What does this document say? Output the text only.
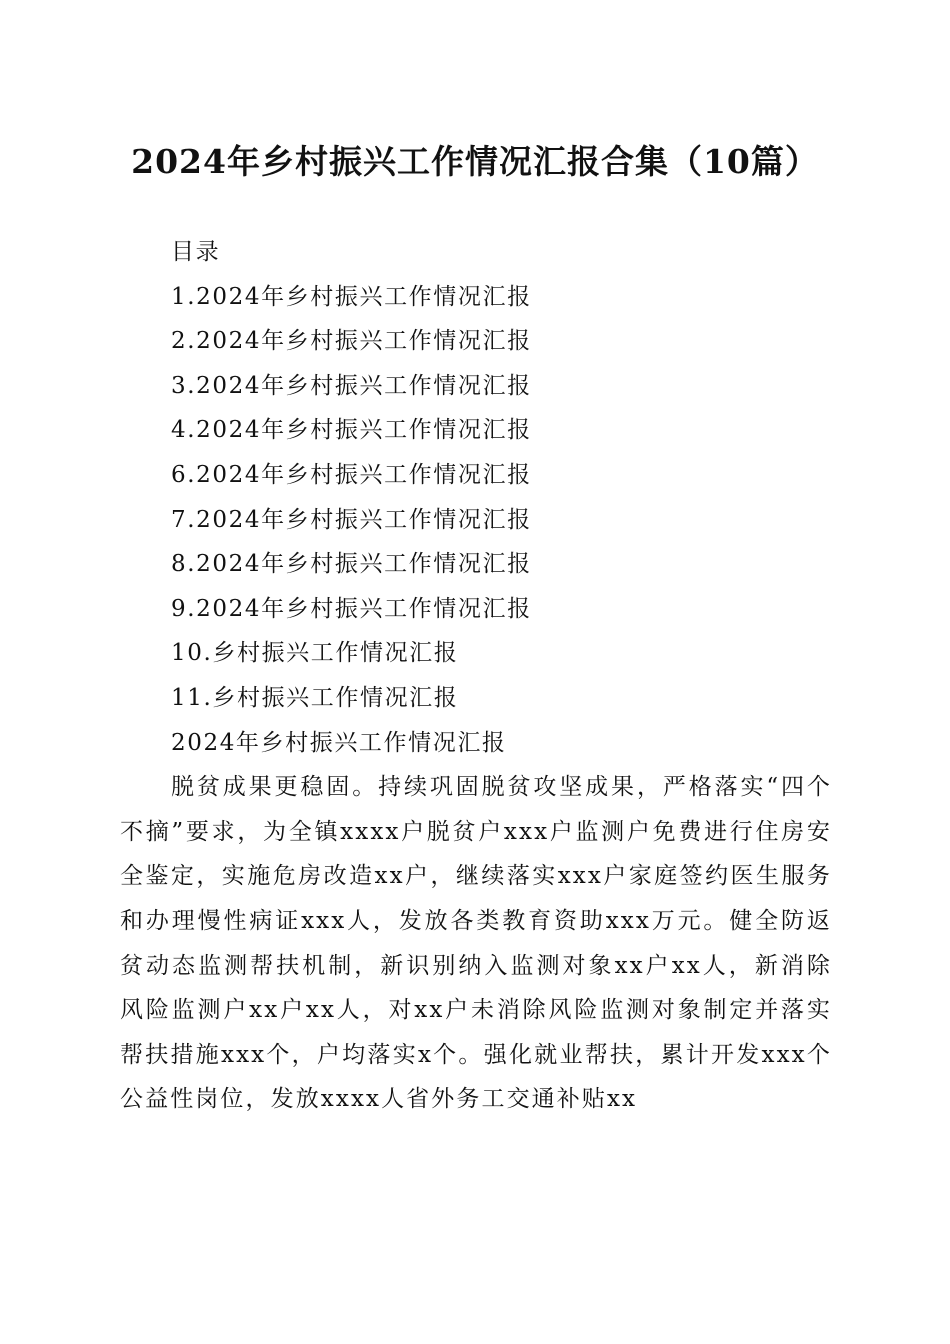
2024年乡村振兴工作情况汇报合集（10篇）

目录

1.2024年乡村振兴工作情况汇报

2.2024年乡村振兴工作情况汇报

3.2024年乡村振兴工作情况汇报

4.2024年乡村振兴工作情况汇报

6.2024年乡村振兴工作情况汇报

7.2024年乡村振兴工作情况汇报

8.2024年乡村振兴工作情况汇报

9.2024年乡村振兴工作情况汇报

10.乡村振兴工作情况汇报

11.乡村振兴工作情况汇报

2024年乡村振兴工作情况汇报

脱贫成果更稳固。持续巩固脱贫攻坚成果，严格落实“四个不摘”要求，为全镇xxxx户脱贫户xxx户监测户免费进行住房安全鉴定，实施危房改造xx户，继续落实xxx户家庭签约医生服务和办理慢性病证xxx人，发放各类教育资助xxx万元。健全防返贫动态监测帮扶机制，新识别纳入监测对象xx户xx人，新消除风险监测户xx户xx人，对xx户未消除风险监测对象制定并落实帮扶措施xxx个，户均落实x个。强化就业帮扶，累计开发xxx个公益性岗位，发放xxxx人省外务工交通补贴xx
